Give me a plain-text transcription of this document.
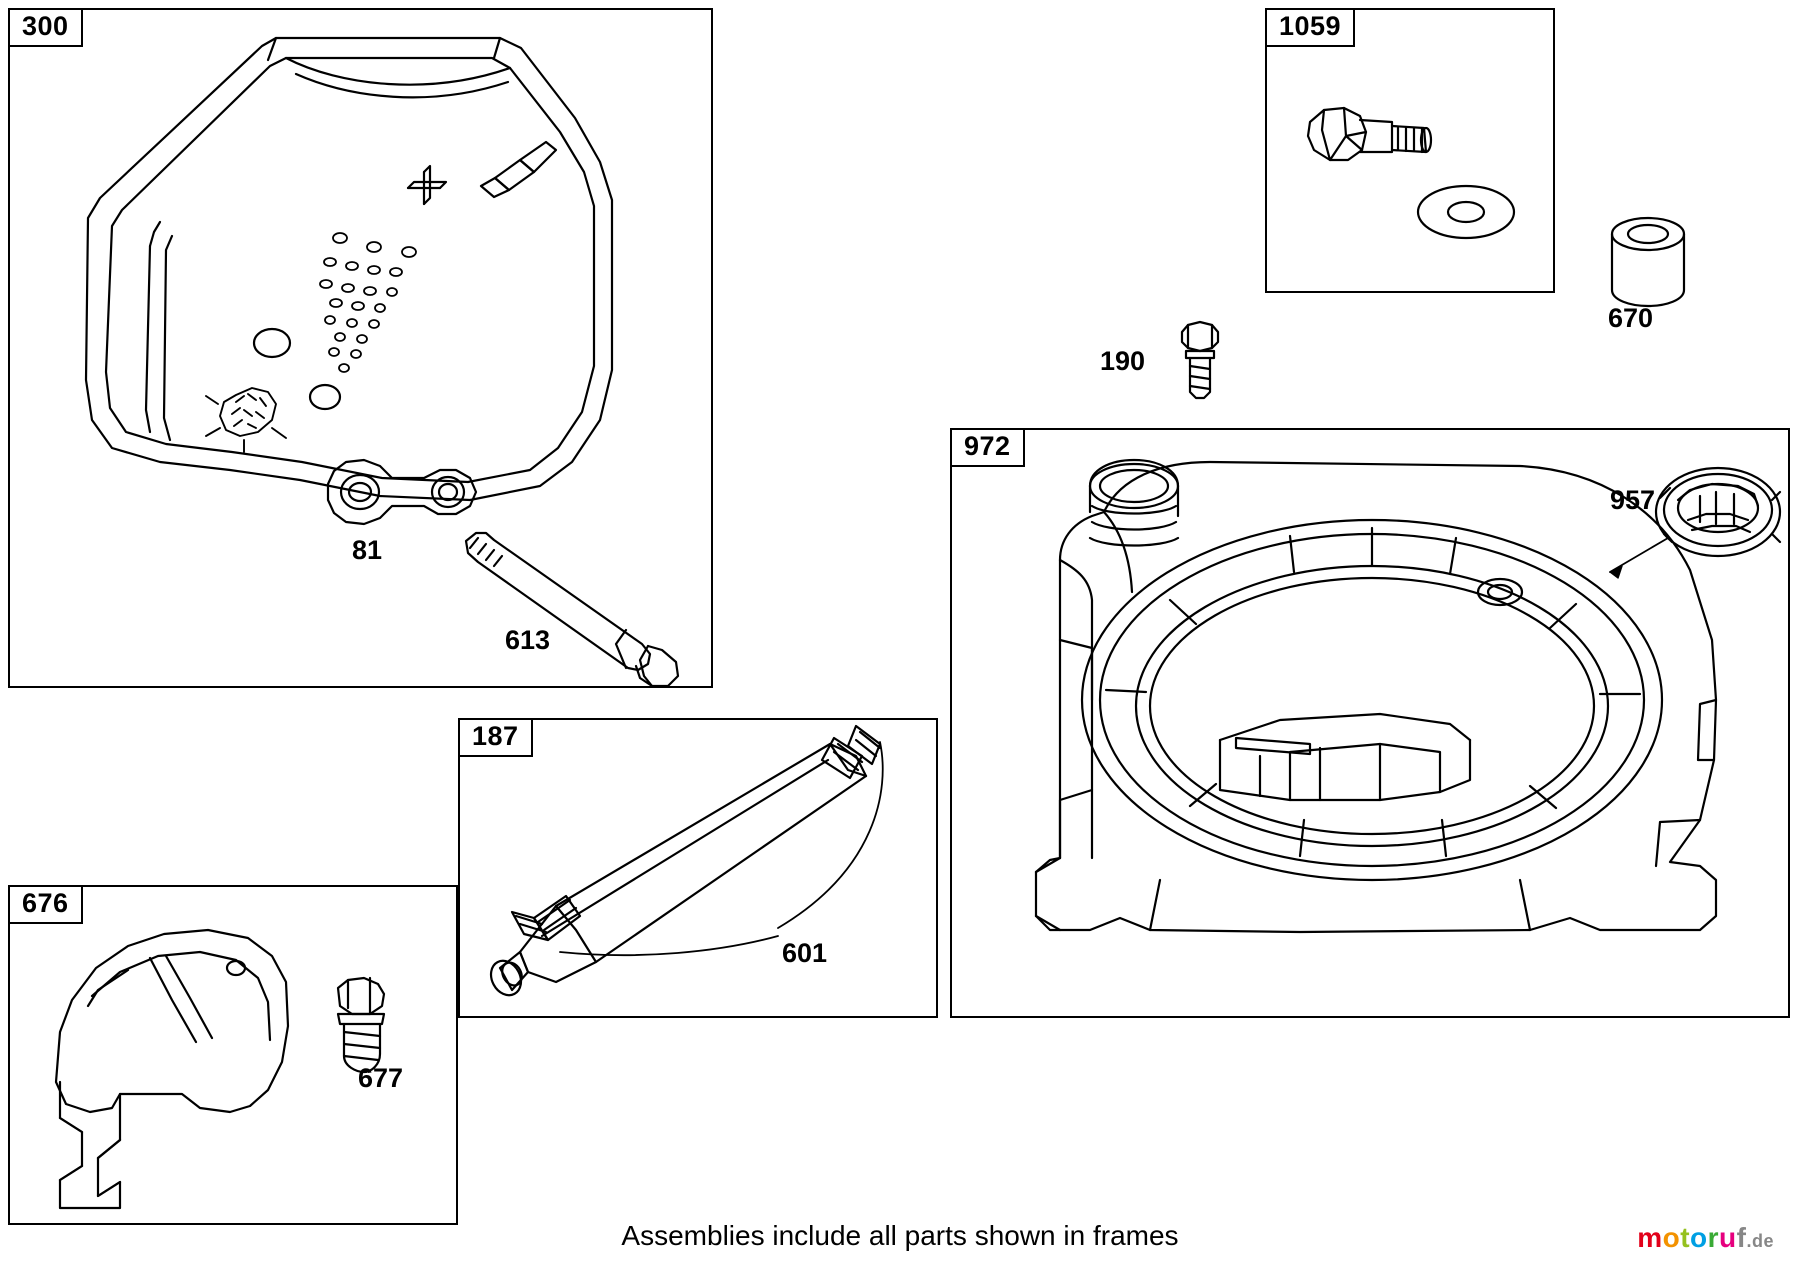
300	1059
972
187
676
81
613
670
190
957
601
677
Assemblies include all parts shown in frames	motoruf.de
